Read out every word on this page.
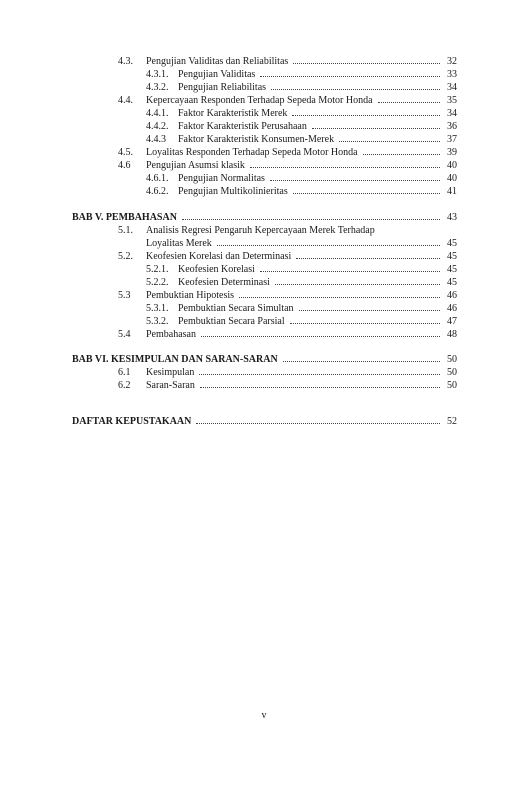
4.3.	Pengujian Validitas dan Reliabilitas	32
4.3.1. Pengujian Validitas	33
4.3.2. Pengujian Reliabilitas	34
4.4.	Kepercayaan Responden Terhadap Sepeda Motor Honda	35
4.4.1. Faktor Karakteristik Merek	34
4.4.2. Faktor Karakteristik Perusahaan	36
4.4.3	Faktor Karakteristik Konsumen-Merek	37
4.5.	Loyalitas Responden Terhadap Sepeda Motor Honda	39
4.6	Pengujian Asumsi klasik	40
4.6.1. Pengujian Normalitas	40
4.6.2. Pengujian Multikolinieritas	41
BAB V. PEMBAHASAN	43
5.1.	Analisis Regresi Pengaruh Kepercayaan Merek Terhadap
Loyalitas Merek	45
5.2.	Keofesien Korelasi dan Determinasi	45
5.2.1. Keofesien Korelasi	45
5.2.2. Keofesien Determinasi	45
5.3	Pembuktian Hipotesis	46
5.3.1. Pembuktian Secara Simultan	46
5.3.2. Pembuktian Secara Parsial	47
5.4	Pembahasan	48
BAB VI. KESIMPULAN DAN SARAN-SARAN	50
6.1	Kesimpulan	50
6.2	Saran-Saran	50
DAFTAR KEPUSTAKAAN	52
v
